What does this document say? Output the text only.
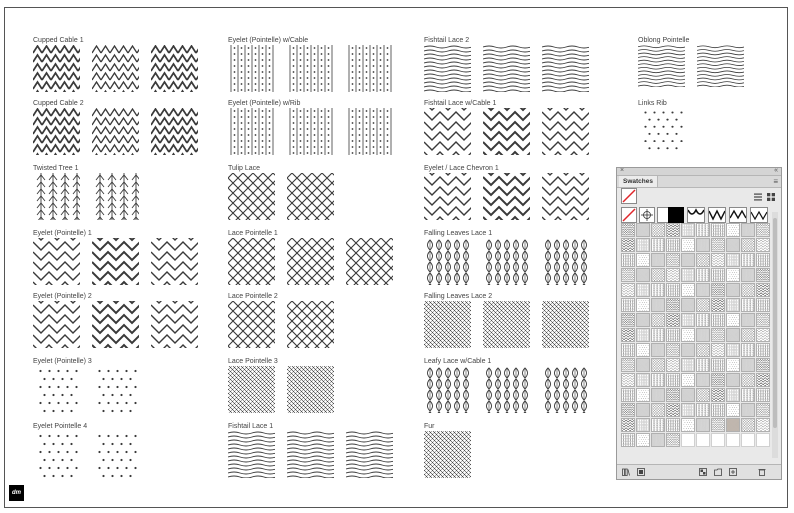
Cupped Cable 1	Eyelet (Pointelle) w/Cable	Fishtail Lace 2	Oblong Pointelle
Cupped Cable 2	Eyelet (Pointelle) w/Rib	Fishtail Lace w/Cable 1	Links Rib
Twisted Tree 1	Tulip Lace	Eyelet / Lace Chevron 1
Eyelet (Pointelle) 1	Lace Pointelle 1	Falling Leaves Lace 1
Eyelet (Pointelle) 2	Lace Pointelle 2	Falling Leaves Lace 2
Eyelet (Pointelle) 3	Lace Pointelle 3	Leafy Lace w/Cable 1
Eyelet Pointelle 4	Fishtail Lace 1	Fur
dm
×	«
Swatches	≡
